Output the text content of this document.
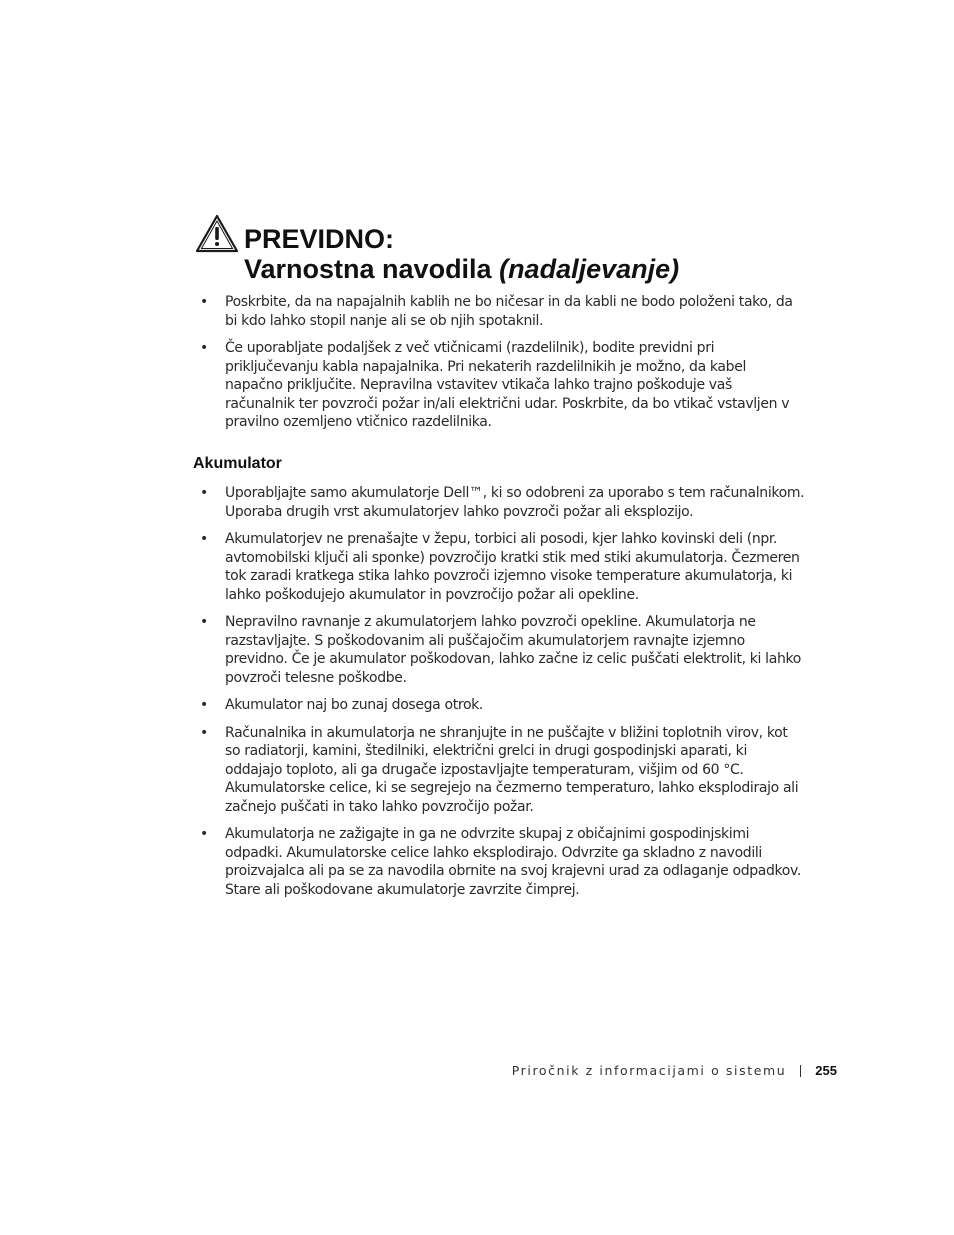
PREVIDNO:
Varnostna navodila (nadaljevanje)
• Poskrbite, da na napajalnih kablih ne bo ničesar in da kabli ne bodo položeni tako, da bi kdo lahko stopil nanje ali se ob njih spotaknil.
• Če uporabljate podaljšek z več vtičnicami (razdelilnik), bodite previdni pri priključevanju kabla napajalnika. Pri nekaterih razdelilnikih je možno, da kabel napačno priključite. Nepravilna vstavitev vtikača lahko trajno poškoduje vaš računalnik ter povzroči požar in/ali električni udar. Poskrbite, da bo vtikač vstavljen v pravilno ozemljeno vtičnico razdelilnika.
Akumulator
• Uporabljajte samo akumulatorje Dell™, ki so odobreni za uporabo s tem računalnikom. Uporaba drugih vrst akumulatorjev lahko povzroči požar ali eksplozijo.
• Akumulatorjev ne prenašajte v žepu, torbici ali posodi, kjer lahko kovinski deli (npr. avtomobilski ključi ali sponke) povzročijo kratki stik med stiki akumulatorja. Čezmeren tok zaradi kratkega stika lahko povzroči izjemno visoke temperature akumulatorja, ki lahko poškodujejo akumulator in povzročijo požar ali opekline.
• Nepravilno ravnanje z akumulatorjem lahko povzroči opekline. Akumulatorja ne razstavljajte. S poškodovanim ali puščajočim akumulatorjem ravnajte izjemno previdno. Če je akumulator poškodovan, lahko začne iz celic puščati elektrolit, ki lahko povzroči telesne poškodbe.
• Akumulator naj bo zunaj dosega otrok.
• Računalnika in akumulatorja ne shranjujte in ne puščajte v bližini toplotnih virov, kot so radiatorji, kamini, štedilniki, električni grelci in drugi gospodinjski aparati, ki oddajajo toploto, ali ga drugače izpostavljajte temperaturam, višjim od 60 °C. Akumulatorske celice, ki se segrejejo na čezmerno temperaturo, lahko eksplodirajo ali začnejo puščati in tako lahko povzročijo požar.
• Akumulatorja ne zažigajte in ga ne odvrzite skupaj z običajnimi gospodinjskimi odpadki. Akumulatorske celice lahko eksplodirajo. Odvrzite ga skladno z navodili proizvajalca ali pa se za navodila obrnite na svoj krajevni urad za odlaganje odpadkov. Stare ali poškodovane akumulatorje zavrzite čimprej.
Priročnik z informacijami o sistemu 255
